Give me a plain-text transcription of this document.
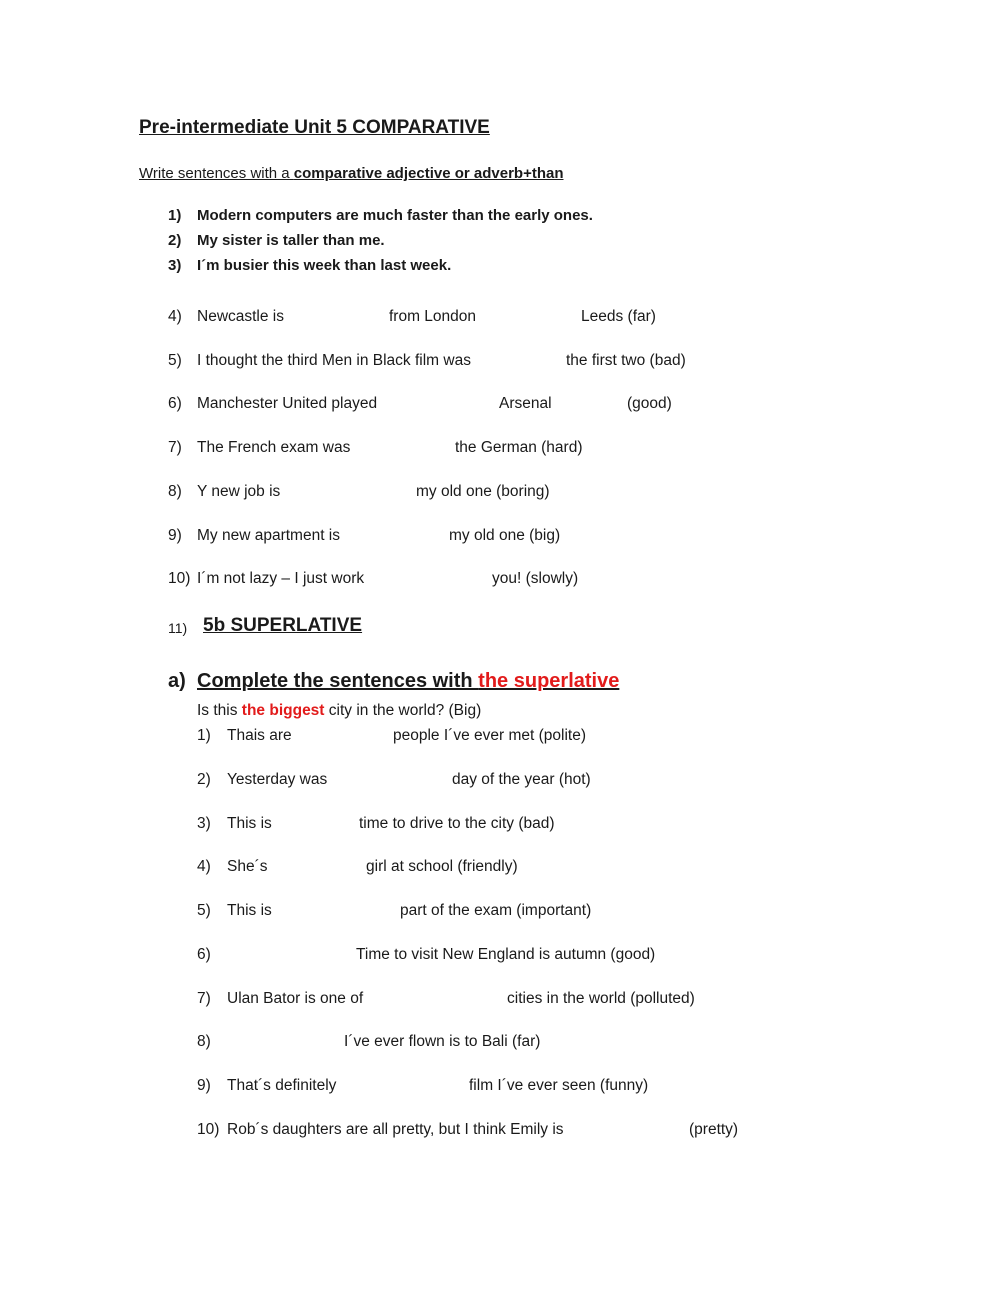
Pre-intermediate Unit 5 COMPARATIVE
Write sentences with a comparative adjective or adverb+than
1) Modern computers are much faster than the early ones.
2) My sister is taller than me.
3) I´m busier this week than last week.
4) Newcastle is	from London	Leeds (far)
5) I thought the third Men in Black film was	the first two (bad)
6) Manchester United played	Arsenal	(good)
7) The French exam was	the German (hard)
8) Y new job is	my old one (boring)
9) My new apartment is	my old one (big)
10) I´m not lazy – I just work	you! (slowly)
11) 5b SUPERLATIVE
a) Complete the sentences with the superlative
Is this the biggest city in the world? (Big)
1) Thais are	people I´ve ever met (polite)
2) Yesterday was	day of the year (hot)
3) This is	time to drive to the city (bad)
4) She´s	girl at school (friendly)
5) This is	part of the exam (important)
6)	Time to visit New England is autumn (good)
7) Ulan Bator is one of	cities in the world (polluted)
8)	I´ve ever flown is to Bali (far)
9) That´s definitely	film I´ve ever seen (funny)
10) Rob´s daughters are all pretty, but I think Emily is	(pretty)
